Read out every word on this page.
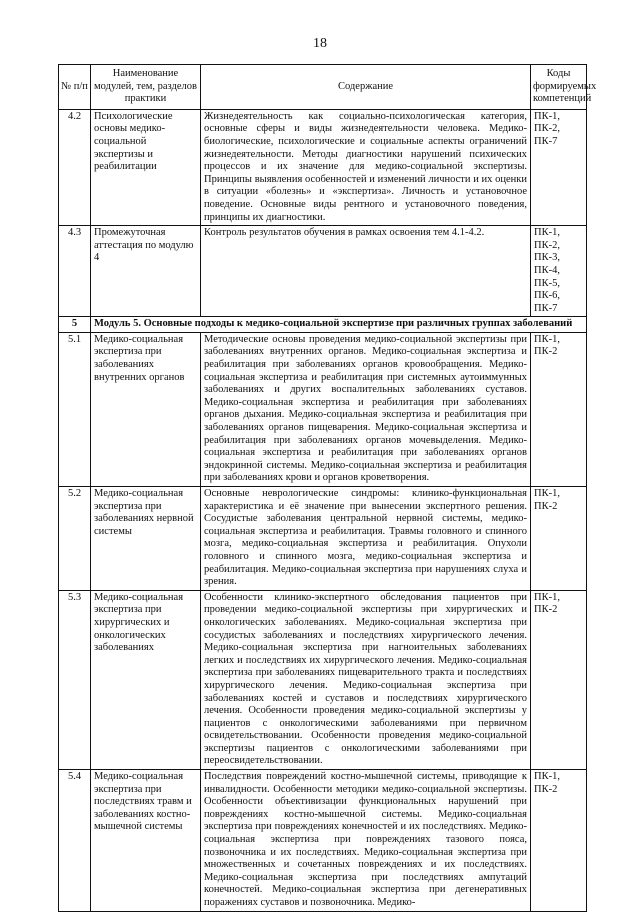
18
№ п/п	Наименование модулей, тем, разделов практики	Содержание	Коды формируемых компетенций
4.2	Психологические основы медико-социальной экспертизы и реабилитации	Жизнедеятельность как социально-психологическая категория, основные сферы и виды жизнедеятельности человека. Медико-биологические, психологические и социальные аспекты ограничений жизнедеятельности. Методы диагностики нарушений психических процессов и их значение для медико-социальной экспертизы. Принципы выявления особенностей и изменений личности и их оценки в ситуации «болезнь» и «экспертиза». Личность и установочное поведение. Основные виды рентного и установочного поведения, принципы их диагностики.	ПК-1, ПК-2, ПК-7
4.3	Промежуточная аттестация по модулю 4	Контроль результатов обучения в рамках освоения тем 4.1-4.2.	ПК-1, ПК-2, ПК-3, ПК-4, ПК-5, ПК-6, ПК-7
5	Модуль 5. Основные подходы к медико-социальной экспертизе при различных группах заболеваний		
5.1	Медико-социальная экспертиза при заболеваниях внутренних органов	Методические основы проведения медико-социальной экспертизы при заболеваниях внутренних органов. Медико-социальная экспертиза и реабилитация при заболеваниях органов кровообращения. Медико-социальная экспертиза и реабилитация при системных аутоиммунных заболеваниях и других воспалительных заболеваниях суставов. Медико-социальная экспертиза и реабилитация при заболеваниях органов дыхания. Медико-социальная экспертиза и реабилитация при заболеваниях органов пищеварения. Медико-социальная экспертиза и реабилитация при заболеваниях органов мочевыделения. Медико-социальная экспертиза и реабилитация при заболеваниях органов эндокринной системы. Медико-социальная экспертиза и реабилитация при заболеваниях крови и органов кроветворения.	ПК-1, ПК-2
5.2	Медико-социальная экспертиза при заболеваниях нервной системы	Основные неврологические синдромы: клинико-функциональная характеристика и её значение при вынесении экспертного решения. Сосудистые заболевания центральной нервной системы, медико-социальная экспертиза и реабилитация. Травмы головного и спинного мозга, медико-социальная экспертиза и реабилитация. Опухоли головного и спинного мозга, медико-социальная экспертиза и реабилитация. Медико-социальная экспертиза при нарушениях слуха и зрения.	ПК-1, ПК-2
5.3	Медико-социальная экспертиза при хирургических и онкологических заболеваниях	Особенности клинико-экспертного обследования пациентов при проведении медико-социальной экспертизы при хирургических и онкологических заболеваниях. Медико-социальная экспертиза при сосудистых заболеваниях и последствиях хирургического лечения. Медико-социальная экспертиза при нагноительных заболеваниях легких и последствиях их хирургического лечения. Медико-социальная экспертиза при заболеваниях пищеварительного тракта и последствиях хирургического лечения. Медико-социальная экспертиза при заболеваниях костей и суставов и последствиях хирургического лечения. Особенности проведения медико-социальной экспертизы у пациентов с онкологическими заболеваниями при первичном освидетельствовании. Особенности проведения медико-социальной экспертизы пациентов с онкологическими заболеваниями при переосвидетельствовании.	ПК-1, ПК-2
5.4	Медико-социальная экспертиза при последствиях травм и заболеваниях костно-мышечной системы	Последствия повреждений костно-мышечной системы, приводящие к инвалидности. Особенности методики медико-социальной экспертизы. Особенности объективизации функциональных нарушений при повреждениях костно-мышечной системы. Медико-социальная экспертиза при повреждениях конечностей и их последствиях. Медико-социальная экспертиза при повреждениях тазового пояса, позвоночника и их последствиях. Медико-социальная экспертиза при множественных и сочетанных повреждениях и их последствиях. Медико-социальная экспертиза при последствиях ампутаций конечностей. Медико-социальная экспертиза при дегенеративных поражениях суставов и позвоночника. Медико-	ПК-1, ПК-2
